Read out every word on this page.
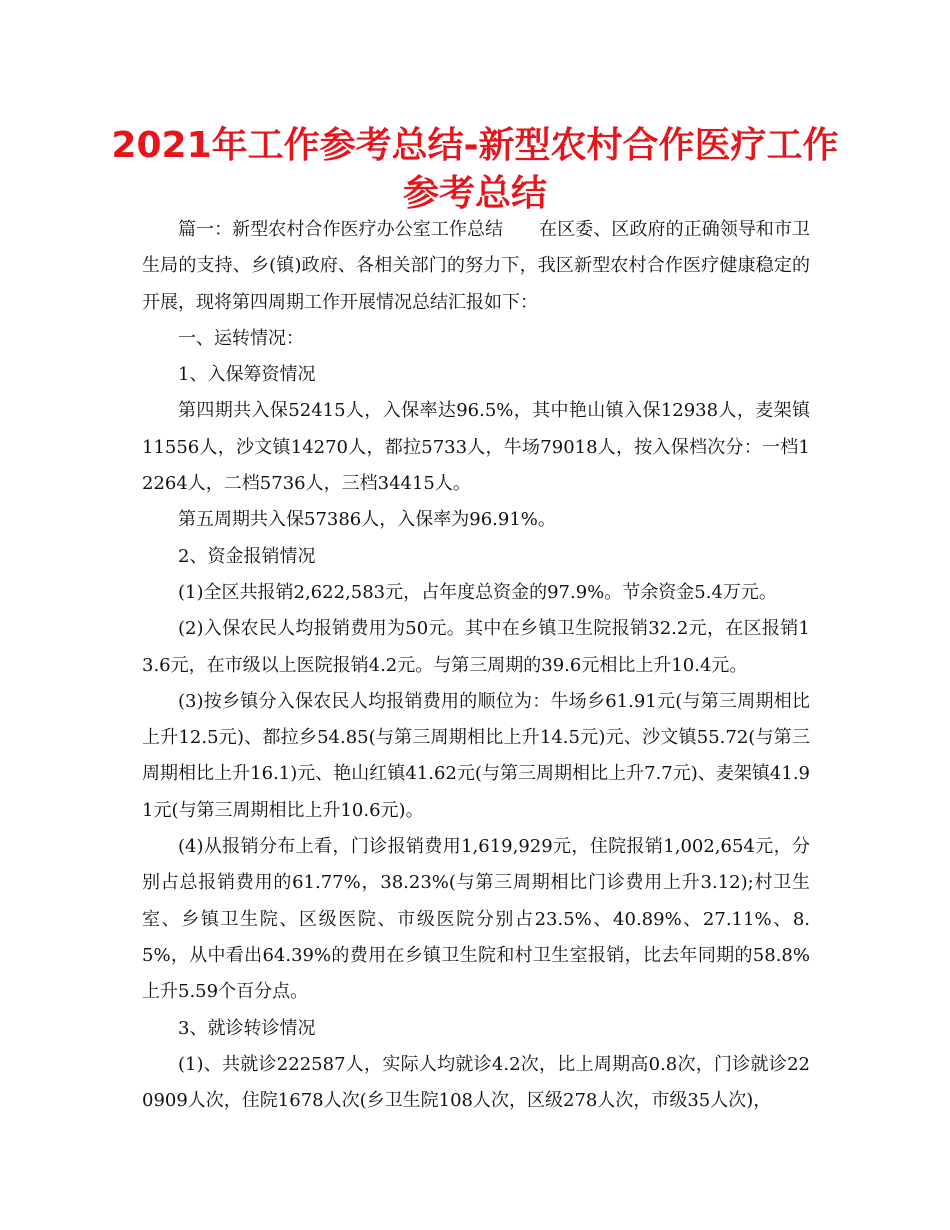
2021年工作参考总结-新型农村合作医疗工作参考总结

篇一：新型农村合作医疗办公室工作总结　　在区委、区政府的正确领导和市卫生局的支持、乡(镇)政府、各相关部门的努力下，我区新型农村合作医疗健康稳定的开展，现将第四周期工作开展情况总结汇报如下：

一、运转情况：

1、入保筹资情况

第四期共入保52415人，入保率达96.5%，其中艳山镇入保12938人，麦架镇11556人，沙文镇14270人，都拉5733人，牛场79018人，按入保档次分：一档12264人，二档5736人，三档34415人。

第五周期共入保57386人，入保率为96.91%。

2、资金报销情况

(1)全区共报销2,622,583元，占年度总资金的97.9%。节余资金5.4万元。

(2)入保农民人均报销费用为50元。其中在乡镇卫生院报销32.2元，在区报销13.6元，在市级以上医院报销4.2元。与第三周期的39.6元相比上升10.4元。

(3)按乡镇分入保农民人均报销费用的顺位为：牛场乡61.91元(与第三周期相比上升12.5元)、都拉乡54.85(与第三周期相比上升14.5元)元、沙文镇55.72(与第三周期相比上升16.1)元、艳山红镇41.62元(与第三周期相比上升7.7元)、麦架镇41.91元(与第三周期相比上升10.6元)。

(4)从报销分布上看，门诊报销费用1,619,929元，住院报销1,002,654元，分别占总报销费用的61.77%，38.23%(与第三周期相比门诊费用上升3.12);村卫生室、乡镇卫生院、区级医院、市级医院分别占23.5%、40.89%、27.11%、8.5%，从中看出64.39%的费用在乡镇卫生院和村卫生室报销，比去年同期的58.8%上升5.59个百分点。

3、就诊转诊情况

(1)、共就诊222587人，实际人均就诊4.2次，比上周期高0.8次，门诊就诊220909人次，住院1678人次(乡卫生院108人次，区级278人次，市级35人次)，
